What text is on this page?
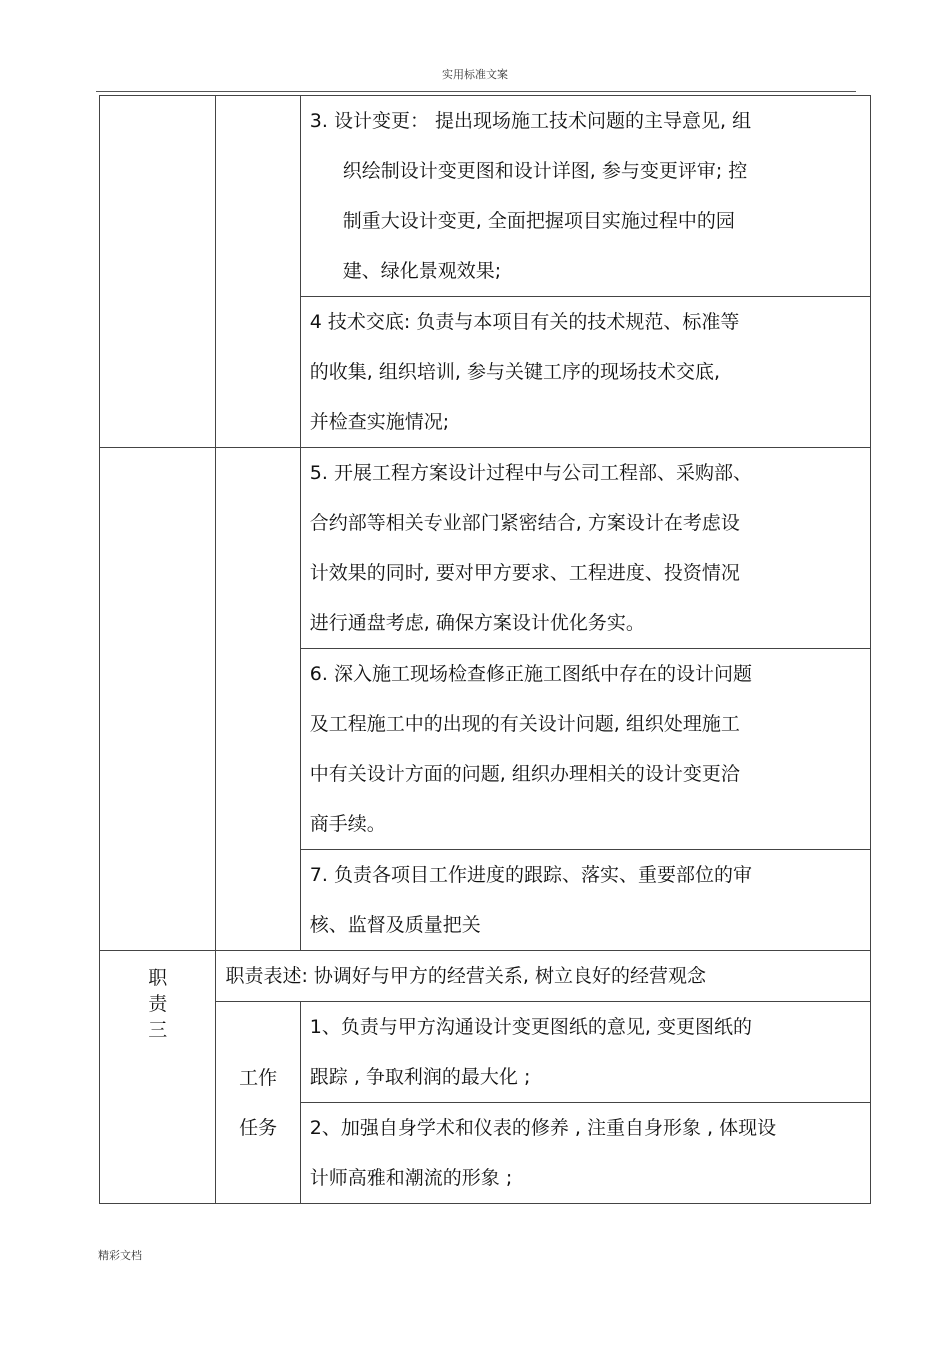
实用标准文案

		3. 设计变更： 提出现场施工技术问题的主导意见, 组
织绘制设计变更图和设计详图, 参与变更评审; 控
制重大设计变更, 全面把握项目实施过程中的园
建、绿化景观效果;

		4 技术交底: 负责与本项目有关的技术规范、标准等
的收集, 组织培训, 参与关键工序的现场技术交底,
并检查实施情况;

		5. 开展工程方案设计过程中与公司工程部、采购部、
合约部等相关专业部门紧密结合, 方案设计在考虑设
计效果的同时, 要对甲方要求、工程进度、投资情况
进行通盘考虑, 确保方案设计优化务实。

		6. 深入施工现场检查修正施工图纸中存在的设计问题
及工程施工中的出现的有关设计问题, 组织处理施工
中有关设计方面的问题, 组织办理相关的设计变更洽
商手续。

		7. 负责各项目工作进度的跟踪、落实、重要部位的审
核、监督及质量把关

职
责
三	职责表述: 协调好与甲方的经营关系, 树立良好的经营观念	

	工作
任务	1、负责与甲方沟通设计变更图纸的意见, 变更图纸的
跟踪 , 争取利润的最大化 ;

		2、加强自身学术和仪表的修养 , 注重自身形象 , 体现设
计师高雅和潮流的形象 ;
精彩文档
